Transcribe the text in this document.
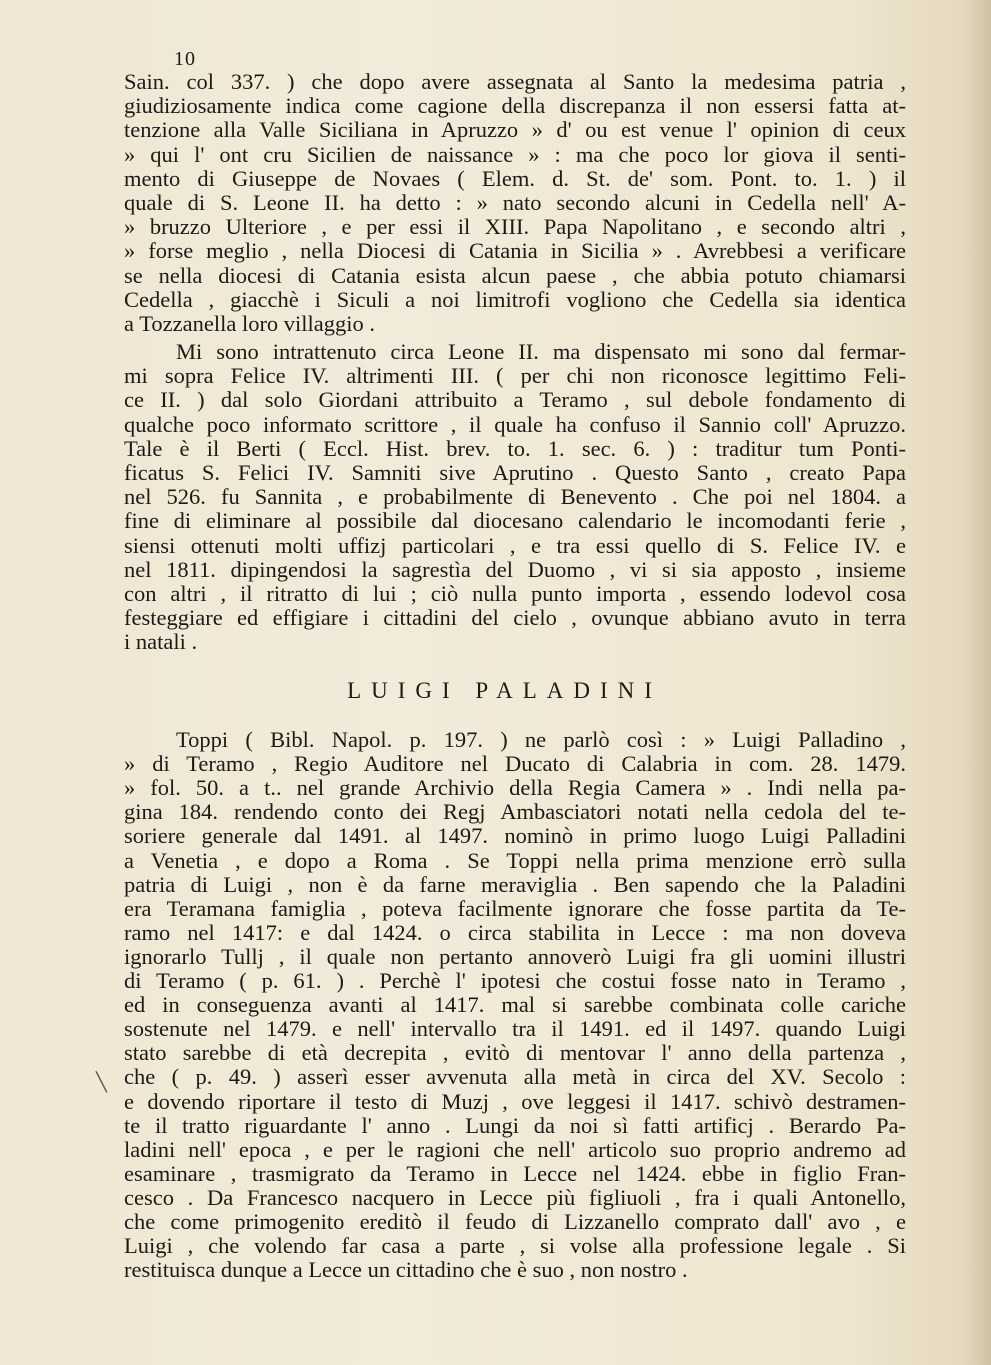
10
Sain. col 337. ) che dopo avere assegnata al Santo la medesima patria ,
giudiziosamente indica come cagione della discrepanza il non essersi fatta at-
tenzione alla Valle Siciliana in Apruzzo » d' ou est venue l' opinion di ceux
» qui l' ont cru Sicilien de naissance » : ma che poco lor giova il senti-
mento di Giuseppe de Novaes ( Elem. d. St. de' som. Pont. to. 1. ) il
quale di S. Leone II. ha detto : » nato secondo alcuni in Cedella nell' A-
» bruzzo Ulteriore , e per essi il XIII. Papa Napolitano , e secondo altri ,
» forse meglio , nella Diocesi di Catania in Sicilia » . Avrebbesi a verificare
se nella diocesi di Catania esista alcun paese , che abbia potuto chiamarsi
Cedella , giacchè i Siculi a noi limitrofi vogliono che Cedella sia identica
a Tozzanella loro villaggio .
Mi sono intrattenuto circa Leone II. ma dispensato mi sono dal fermar-
mi sopra Felice IV. altrimenti III. ( per chi non riconosce legittimo Feli-
ce II. ) dal solo Giordani attribuito a Teramo , sul debole fondamento di
qualche poco informato scrittore , il quale ha confuso il Sannio coll' Apruzzo.
Tale è il Berti ( Eccl. Hist. brev. to. 1. sec. 6. ) : traditur tum Ponti-
ficatus S. Felici IV. Samniti sive Aprutino . Questo Santo , creato Papa
nel 526. fu Sannita , e probabilmente di Benevento . Che poi nel 1804. a
fine di eliminare al possibile dal diocesano calendario le incomodanti ferie ,
siensi ottenuti molti uffizj particolari , e tra essi quello di S. Felice IV. e
nel 1811. dipingendosi la sagrestìa del Duomo , vi si sia apposto , insieme
con altri , il ritratto di lui ; ciò nulla punto importa , essendo lodevol cosa
festeggiare ed effigiare i cittadini del cielo , ovunque abbiano avuto in terra
i natali .
LUIGI PALADINI
Toppi ( Bibl. Napol. p. 197. ) ne parlò così : » Luigi Palladino ,
» di Teramo , Regio Auditore nel Ducato di Calabria in com. 28. 1479.
» fol. 50. a t.. nel grande Archivio della Regia Camera » . Indi nella pa-
gina 184. rendendo conto dei Regj Ambasciatori notati nella cedola del te-
soriere generale dal 1491. al 1497. nominò in primo luogo Luigi Palladini
a Venetia , e dopo a Roma . Se Toppi nella prima menzione errò sulla
patria di Luigi , non è da farne meraviglia . Ben sapendo che la Paladini
era Teramana famiglia , poteva facilmente ignorare che fosse partita da Te-
ramo nel 1417: e dal 1424. o circa stabilita in Lecce : ma non doveva
ignorarlo Tullj , il quale non pertanto annoverò Luigi fra gli uomini illustri
di Teramo ( p. 61. ) . Perchè l' ipotesi che costui fosse nato in Teramo ,
ed in conseguenza avanti al 1417. mal si sarebbe combinata colle cariche
sostenute nel 1479. e nell' intervallo tra il 1491. ed il 1497. quando Luigi
stato sarebbe di età decrepita , evitò di mentovar l' anno della partenza ,
che ( p. 49. ) asserì esser avvenuta alla metà in circa del XV. Secolo :
e dovendo riportare il testo di Muzj , ove leggesi il 1417. schivò destramen-
te il tratto riguardante l' anno . Lungi da noi sì fatti artificj . Berardo Pa-
ladini nell' epoca , e per le ragioni che nell' articolo suo proprio andremo ad
esaminare , trasmigrato da Teramo in Lecce nel 1424. ebbe in figlio Fran-
cesco . Da Francesco nacquero in Lecce più figliuoli , fra i quali Antonello,
che come primogenito ereditò il feudo di Lizzanello comprato dall' avo , e
Luigi , che volendo far casa a parte , si volse alla professione legale . Si
restituisca dunque a Lecce un cittadino che è suo , non nostro .
╲
